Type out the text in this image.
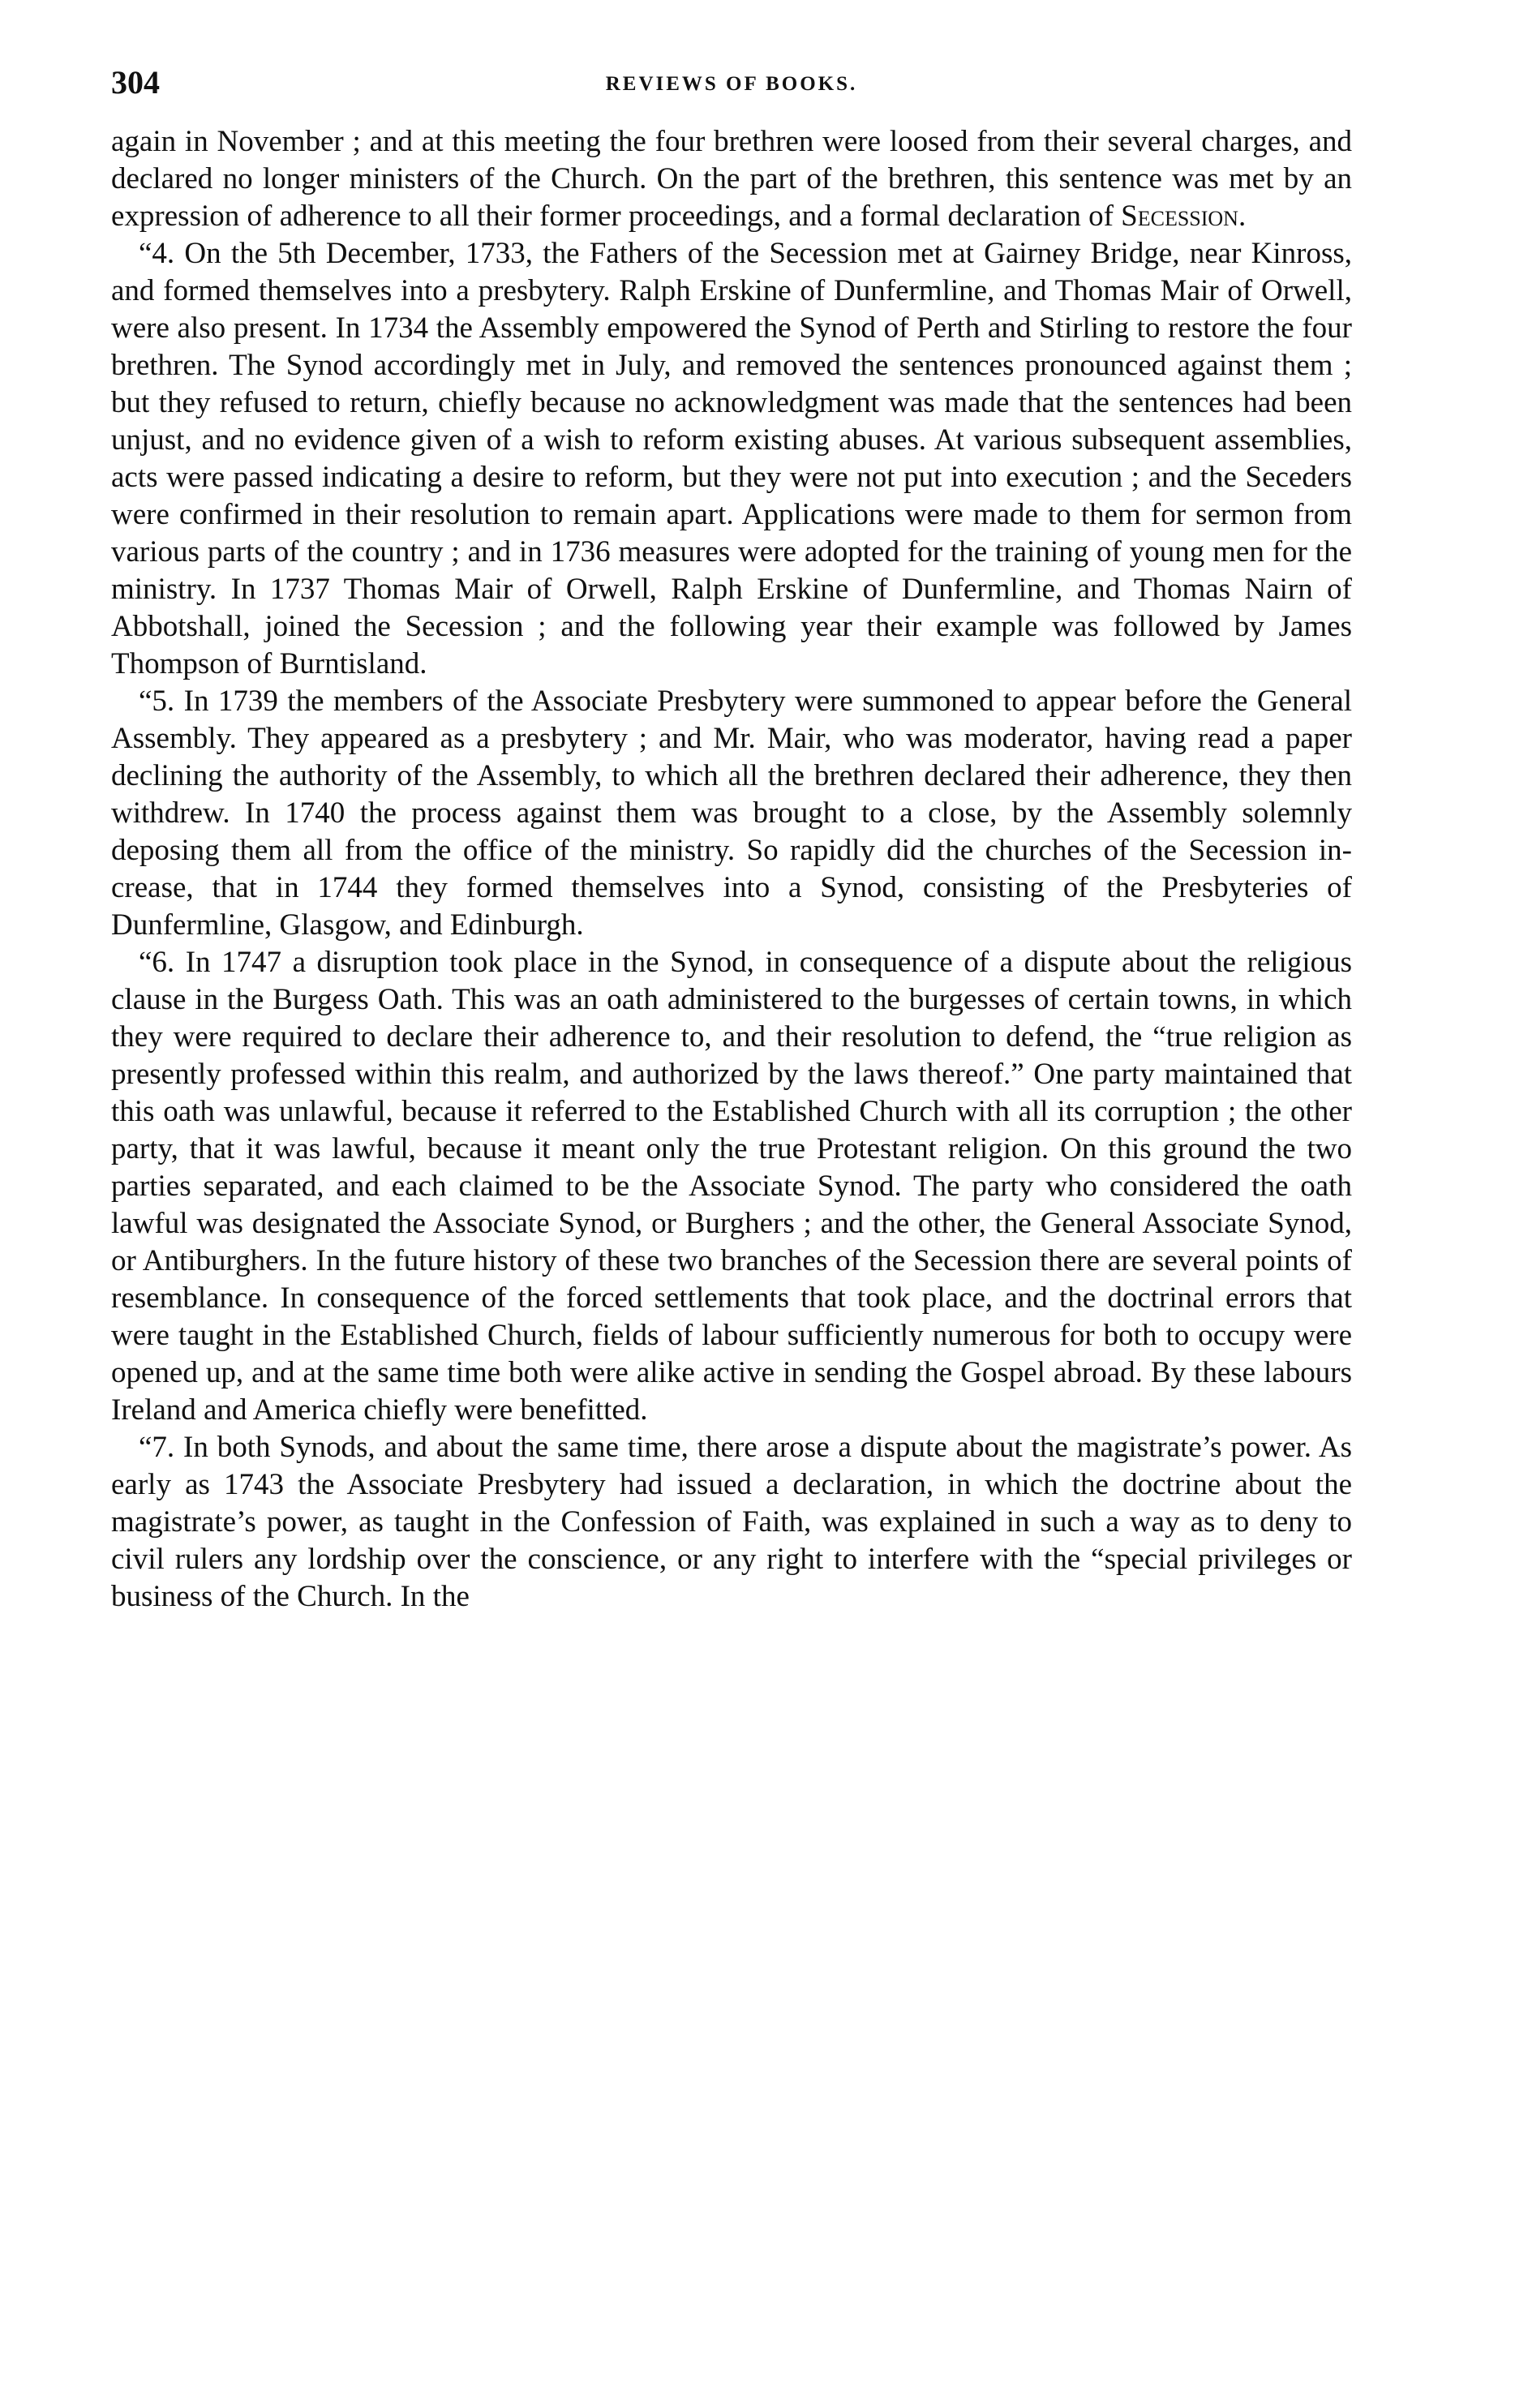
304	REVIEWS OF BOOKS.

again in November ; and at this meeting the four brethren were loosed from their several charges, and declared no longer ministers of the Church. On the part of the brethren, this sentence was met by an expression of adherence to all their former proceedings, and a formal declaration of Secession.

“4. On the 5th December, 1733, the Fathers of the Secession met at Gairney Bridge, near Kinross, and formed themselves into a presbytery. Ralph Erskine of Dunfermline, and Thomas Mair of Orwell, were also present. In 1734 the Assembly empowered the Synod of Perth and Stirling to restore the four brethren. The Synod accordingly met in July, and removed the sentences pronounced against them ; but they refused to return, chiefly because no acknowledgment was made that the sentences had been unjust, and no evidence given of a wish to reform existing abuses. At various subsequent assemblies, acts were passed indicating a desire to reform, but they were not put into execution ; and the Seceders were confirmed in their resolution to remain apart. Applications were made to them for sermon from various parts of the country ; and in 1736 measures were adopted for the training of young men for the ministry. In 1737 Thomas Mair of Orwell, Ralph Erskine of Dunfermline, and Thomas Nairn of Abbotshall, joined the Secession ; and the following year their example was followed by James Thompson of Burntisland.

“5. In 1739 the members of the Associate Presbytery were summoned to appear before the General Assembly. They appeared as a presbytery ; and Mr. Mair, who was moderator, having read a paper declining the authority of the Assembly, to which all the brethren declared their adherence, they then withdrew. In 1740 the process against them was brought to a close, by the Assembly solemnly deposing them all from the office of the ministry. So rapidly did the churches of the Secession increase, that in 1744 they formed themselves into a Synod, consisting of the Presbyteries of Dunfermline, Glasgow, and Edinburgh.

“6. In 1747 a disruption took place in the Synod, in consequence of a dispute about the religious clause in the Burgess Oath. This was an oath administered to the burgesses of certain towns, in which they were required to declare their adherence to, and their resolution to defend, the “true religion as presently professed within this realm, and authorized by the laws thereof.” One party maintained that this oath was unlawful, because it referred to the Established Church with all its corruption ; the other party, that it was lawful, because it meant only the true Protestant religion. On this ground the two parties separated, and each claimed to be the Associate Synod. The party who considered the oath lawful was designated the Associate Synod, or Burghers ; and the other, the General Associate Synod, or Antiburghers. In the future history of these two branches of the Secession there are several points of resemblance. In consequence of the forced settlements that took place, and the doctrinal errors that were taught in the Established Church, fields of labour sufficiently numerous for both to occupy were opened up, and at the same time both were alike active in sending the Gospel abroad. By these labours Ireland and America chiefly were benefitted.

“7. In both Synods, and about the same time, there arose a dispute about the magistrate’s power. As early as 1743 the Associate Presbytery had issued a declaration, in which the doctrine about the magistrate’s power, as taught in the Confession of Faith, was explained in such a way as to deny to civil rulers any lordship over the conscience, or any right to interfere with the “special privileges or business of the Church. In the
